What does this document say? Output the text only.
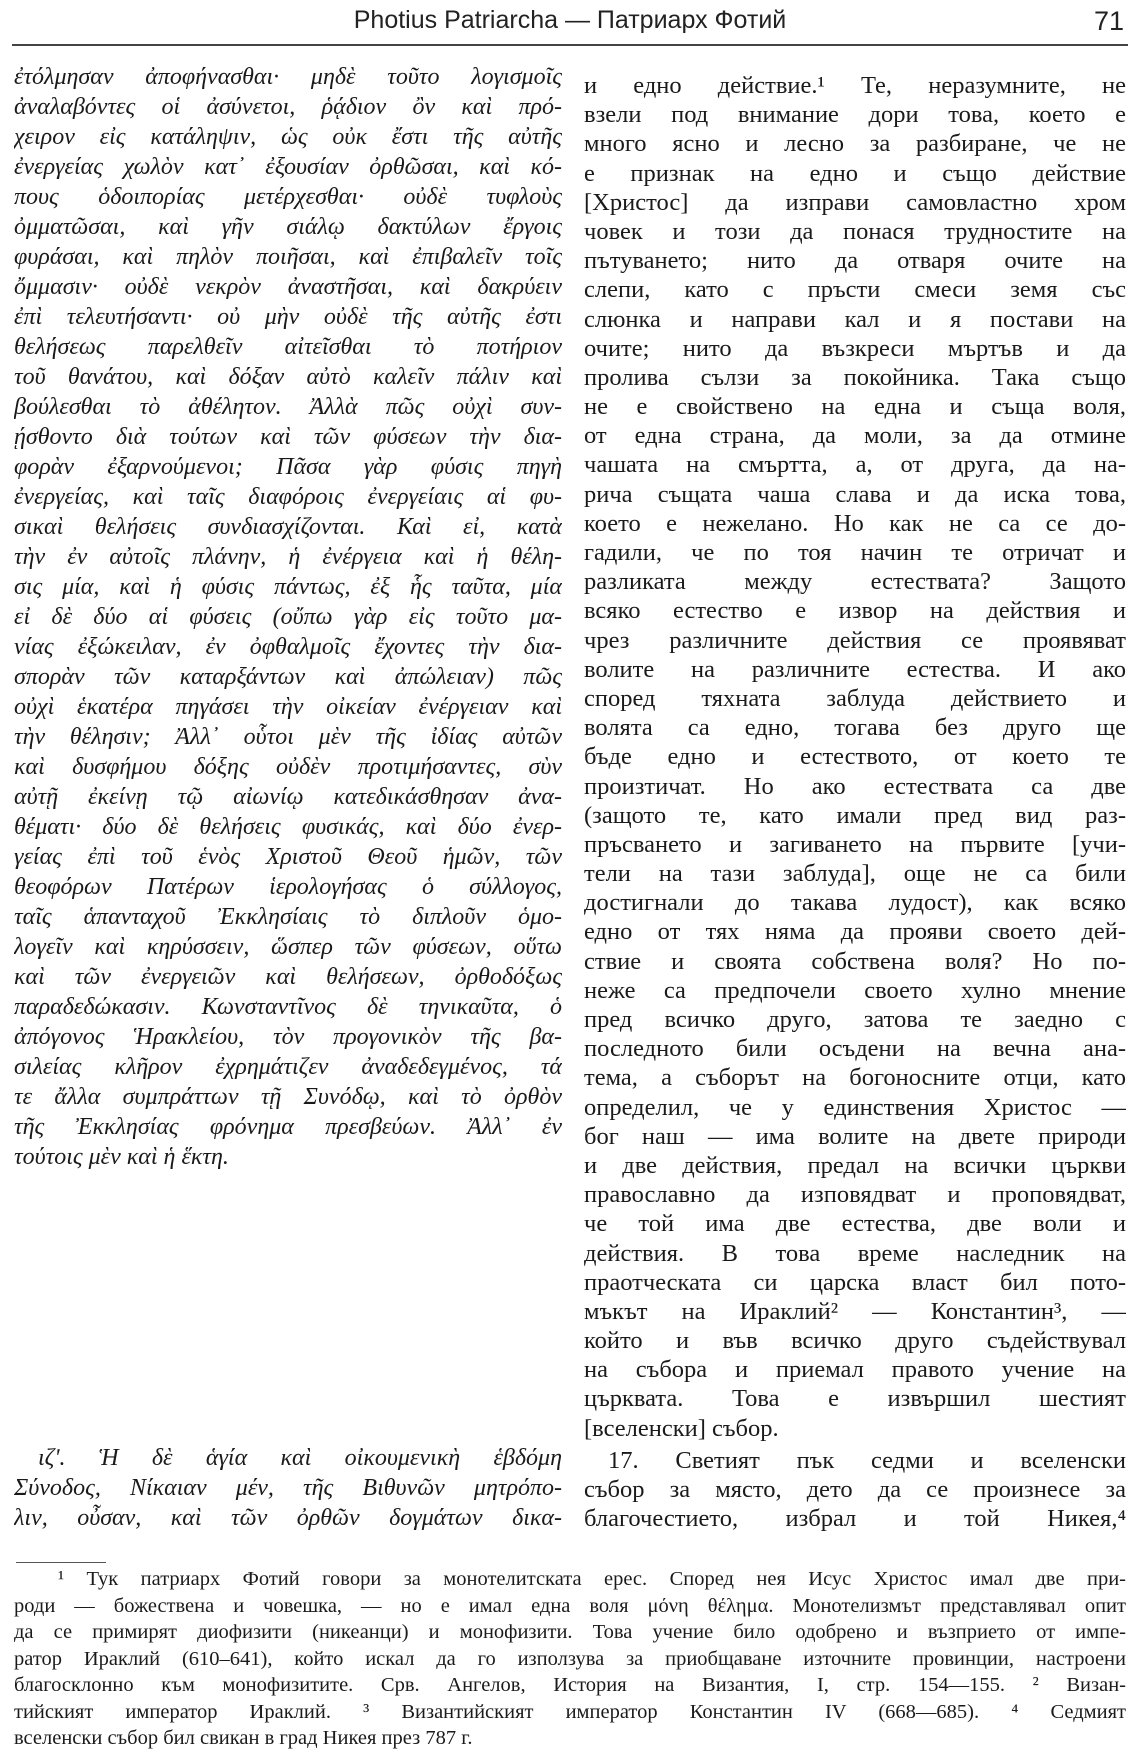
Photius Patriarcha — Патриарх Фотий	71
ἐτόλμησαν ἀποφήνασθαι· μηδὲ τοῦτο λογισμοῖς
ἀναλαβόντες οἱ ἀσύνετοι, ῥᾴδιον ὂν καὶ πρό-
χειρον εἰς κατάληψιν, ὡς οὐκ ἔστι τῆς αὐτῆς
ἐνεργείας χωλὸν κατ᾿ ἐξουσίαν ὀρθῶσαι, καὶ κό-
πους ὁδοιπορίας μετέρχεσθαι· οὐδὲ τυφλοὺς
ὀμματῶσαι, καὶ γῆν σιάλῳ δακτύλων ἔργοις
φυράσαι, καὶ πηλὸν ποιῆσαι, καὶ ἐπιβαλεῖν τοῖς
ὄμμασιν· οὐδὲ νεκρὸν ἀναστῆσαι, καὶ δακρύειν
ἐπὶ τελευτήσαντι· οὐ μὴν οὐδὲ τῆς αὐτῆς ἐστι
θελήσεως παρελθεῖν αἰτεῖσθαι τὸ ποτήριον
τοῦ θανάτου, καὶ δόξαν αὐτὸ καλεῖν πάλιν καὶ
βούλεσθαι τὸ ἀθέλητον. Ἀλλὰ πῶς οὐχὶ συν-
ῄσθοντο διὰ τούτων καὶ τῶν φύσεων τὴν δια-
φορὰν ἐξαρνούμενοι; Πᾶσα γὰρ φύσις πηγὴ
ἐνεργείας, καὶ ταῖς διαφόροις ἐνεργείαις αἱ φυ-
σικαὶ θελήσεις συνδιασχίζονται. Καὶ εἰ, κατὰ
τὴν ἐν αὐτοῖς πλάνην, ἡ ἐνέργεια καὶ ἡ θέλη-
σις μία, καὶ ἡ φύσις πάντως, ἐξ ἧς ταῦτα, μία
εἰ δὲ δύο αἱ φύσεις (οὔπω γὰρ εἰς τοῦτο μα-
νίας ἐξώκειλαν, ἐν ὀφθαλμοῖς ἔχοντες τὴν δια-
σπορὰν τῶν καταρξάντων καὶ ἀπώλειαν) πῶς
οὐχὶ ἑκατέρα πηγάσει τὴν οἰκείαν ἐνέργειαν καὶ
τὴν θέλησιν; Ἀλλ᾿ οὗτοι μὲν τῆς ἰδίας αὐτῶν
καὶ δυσφήμου δόξης οὐδὲν προτιμήσαντες, σὺν
αὐτῇ ἐκείνῃ τῷ αἰωνίῳ κατεδικάσθησαν ἀνα-
θέματι· δύο δὲ θελήσεις φυσικάς, καὶ δύο ἐνερ-
γείας ἐπὶ τοῦ ἑνὸς Χριστοῦ Θεοῦ ἡμῶν, τῶν
θεοφόρων Πατέρων ἱερολογήσας ὁ σύλλογος,
ταῖς ἁπανταχοῦ Ἐκκλησίαις τὸ διπλοῦν ὁμο-
λογεῖν καὶ κηρύσσειν, ὥσπερ τῶν φύσεων, οὕτω
καὶ τῶν ἐνεργειῶν καὶ θελήσεων, ὀρθοδόξως
παραδεδώκασιν. Κωνσταντῖνος δὲ τηνικαῦτα, ὁ
ἀπόγονος Ἡρακλείου, τὸν προγονικὸν τῆς βα-
σιλείας κλῆρον ἐχρημάτιζεν ἀναδεδεγμένος, τά
τε ἄλλα συμπράττων τῇ Συνόδῳ, καὶ τὸ ὀρθὸν
τῆς Ἐκκλησίας φρόνημα πρεσβεύων. Ἀλλ᾿ ἐν
τούτοις μὲν καὶ ἡ ἕκτη.
ιζʹ. Ἡ δὲ ἁγία καὶ οἰκουμενικὴ ἑβδόμη
Σύνοδος, Νίκαιαν μέν, τῆς Βιθυνῶν μητρόπο-
λιν, οὖσαν, καὶ τῶν ὀρθῶν δογμάτων δικα-
и едно действие.¹ Те, неразумните, не
взели под внимание дори това, което е
много ясно и лесно за разбиране, че не
е признак на едно и също действие
[Христос] да изправи самовластно хром
човек и този да понася трудностите на
пътуването; нито да отваря очите на
слепи, като с пръсти смеси земя със
слюнка и направи кал и я постави на
очите; нито да възкреси мъртъв и да
пролива сълзи за покойника. Така също
не е свойствено на една и съща воля,
от една страна, да моли, за да отмине
чашата на смъртта, а, от друга, да на-
рича същата чаша слава и да иска това,
което е нежелано. Но как не са се до-
гадили, че по тоя начин те отричат и
разликата между естествата? Защото
всяко естество е извор на действия и
чрез различните действия се проявяват
волите на различните естества. И ако
според тяхната заблуда действието и
волята са едно, тогава без друго ще
бъде едно и естеството, от което те
произтичат. Но ако естествата са две
(защото те, като имали пред вид раз-
пръсването и загиването на първите [учи-
тели на тази заблуда], още не са били
достигнали до такава лудост), как всяко
едно от тях няма да прояви своето дей-
ствие и своята собствена воля? Но по-
неже са предпочели своето хулно мнение
пред всичко друго, затова те заедно с
последното били осъдени на вечна ана-
тема, а съборът на богоносните отци, като
определил, че у единствения Христос —
бог наш — има волите на двете природи
и две действия, предал на всички църкви
православно да изповядват и проповядват,
че той има две естества, две воли и
действия. В това време наследник на
праотческата си царска власт бил пото-
мъкът на Ираклий² — Константин³, —
който и във всичко друго съдействувал
на събора и приемал правото учение на
църквата. Това е извършил шестият
[вселенски] събор.
17. Светият пък седми и вселенски
събор за място, дето да се произнесе за
благочестието, избрал и той Никея,⁴
¹ Тук патриарх Фотий говори за монотелитската ерес. Според нея Исус Христос имал две при-
роди — божествена и човешка, — но е имал една воля μόνη θέλημα. Монотелизмът представлявал опит
да се примирят диофизити (никеанци) и монофизити. Това учение било одобрено и възприето от импе-
ратор Ираклий (610–641), който искал да го използува за приобщаване източните провинции, настроени
благосклонно към монофизитите. Срв. Ангелов, История на Византия, I, стр. 154—155. ² Визан-
тийският император Ираклий. ³ Византийският император Константин IV (668—685). ⁴ Седмият
вселенски събор бил свикан в град Никея през 787 г.
